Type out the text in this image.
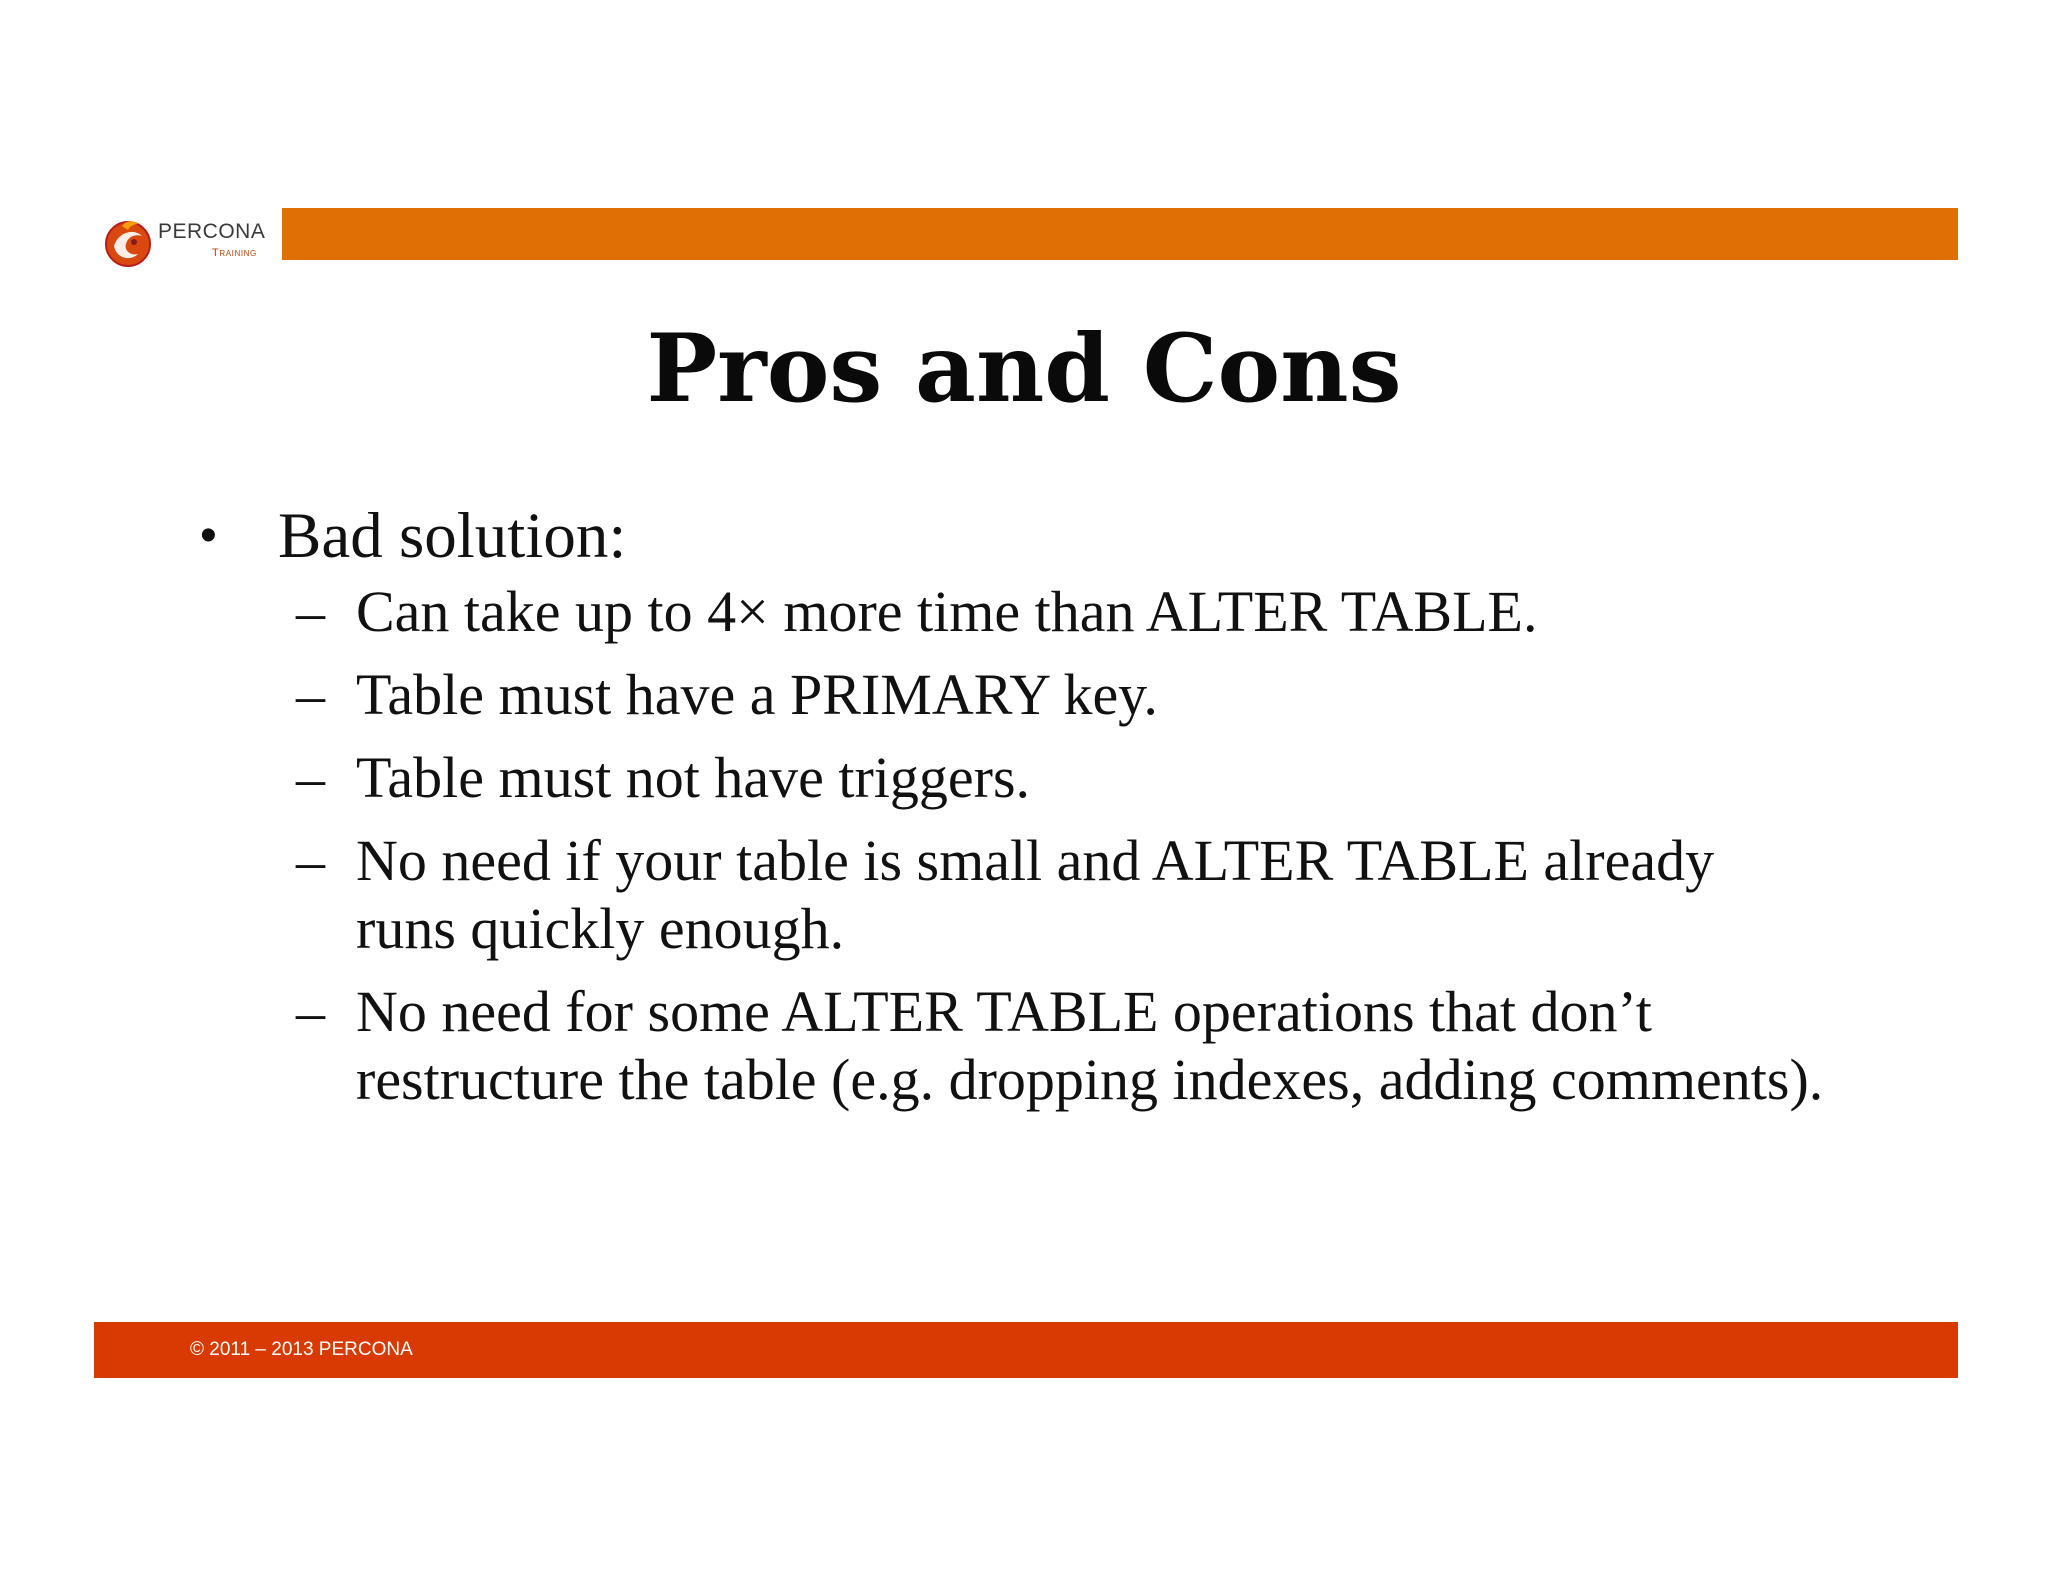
PERCONA
Training
Pros and Cons
• Bad solution:
– Can take up to 4× more time than ALTER TABLE.
– Table must have a PRIMARY key.
– Table must not have triggers.
– No need if your table is small and ALTER TABLE already runs quickly enough.
– No need for some ALTER TABLE operations that don’t restructure the table (e.g. dropping indexes, adding comments).
© 2011 – 2013 PERCONA
